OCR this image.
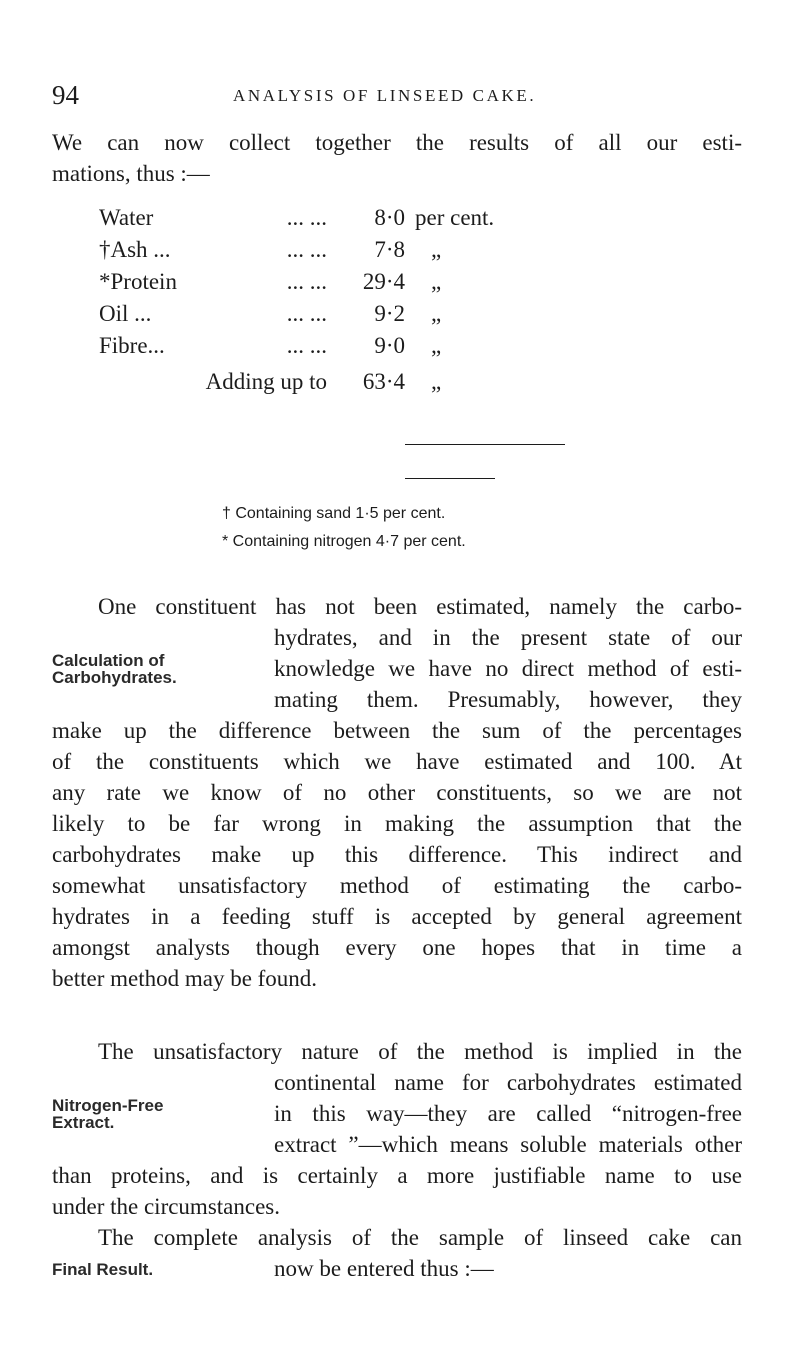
94	ANALYSIS OF LINSEED CAKE.
We can now collect together the results of all our esti-
mations, thus :—
Water	... ...	8·0	per cent.
†Ash ...	... ...	7·8	„
*Protein	... ...	29·4	„
Oil ...	... ...	9·2	„
Fibre...	... ...	9·0	„
Adding up to		63·4	„
† Containing sand 1·5 per cent.
* Containing nitrogen 4·7 per cent.
Calculation of
Carbohydrates.
One constituent has not been estimated, namely the carbo-
hydrates, and in the present state of our
knowledge we have no direct method of esti-
mating them. Presumably, however, they
make up the difference between the sum of the percentages
of the constituents which we have estimated and 100. At
any rate we know of no other constituents, so we are not
likely to be far wrong in making the assumption that the
carbohydrates make up this difference. This indirect and
somewhat unsatisfactory method of estimating the carbo-
hydrates in a feeding stuff is accepted by general agreement
amongst analysts though every one hopes that in time a
better method may be found.
Nitrogen-Free
Extract.
The unsatisfactory nature of the method is implied in the
continental name for carbohydrates estimated
in this way—they are called “nitrogen-free
extract ”—which means soluble materials other
than proteins, and is certainly a more justifiable name to use
under the circumstances.
Final Result.
The complete analysis of the sample of linseed cake can
now be entered thus :—
